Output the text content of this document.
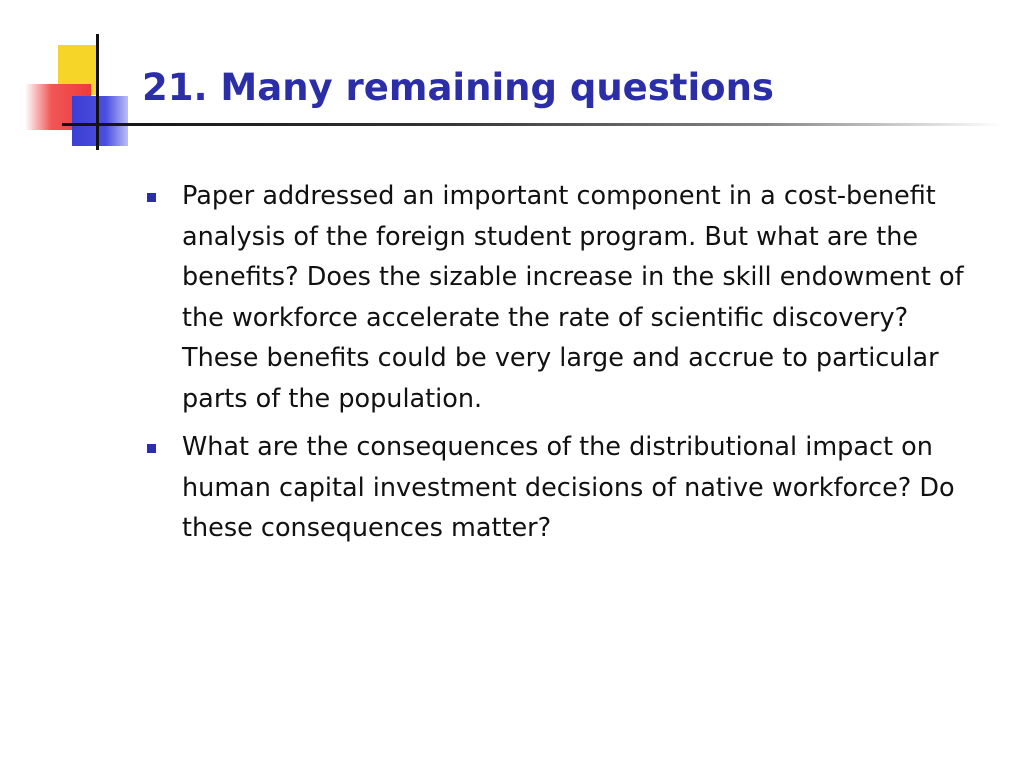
21. Many remaining questions
Paper addressed an important component in a cost-benefit analysis of the foreign student program. But what are the benefits? Does the sizable increase in the skill endowment of the workforce accelerate the rate of scientific discovery? These benefits could be very large and accrue to particular parts of the population.
What are the consequences of the distributional impact on human capital investment decisions of native workforce? Do these consequences matter?
